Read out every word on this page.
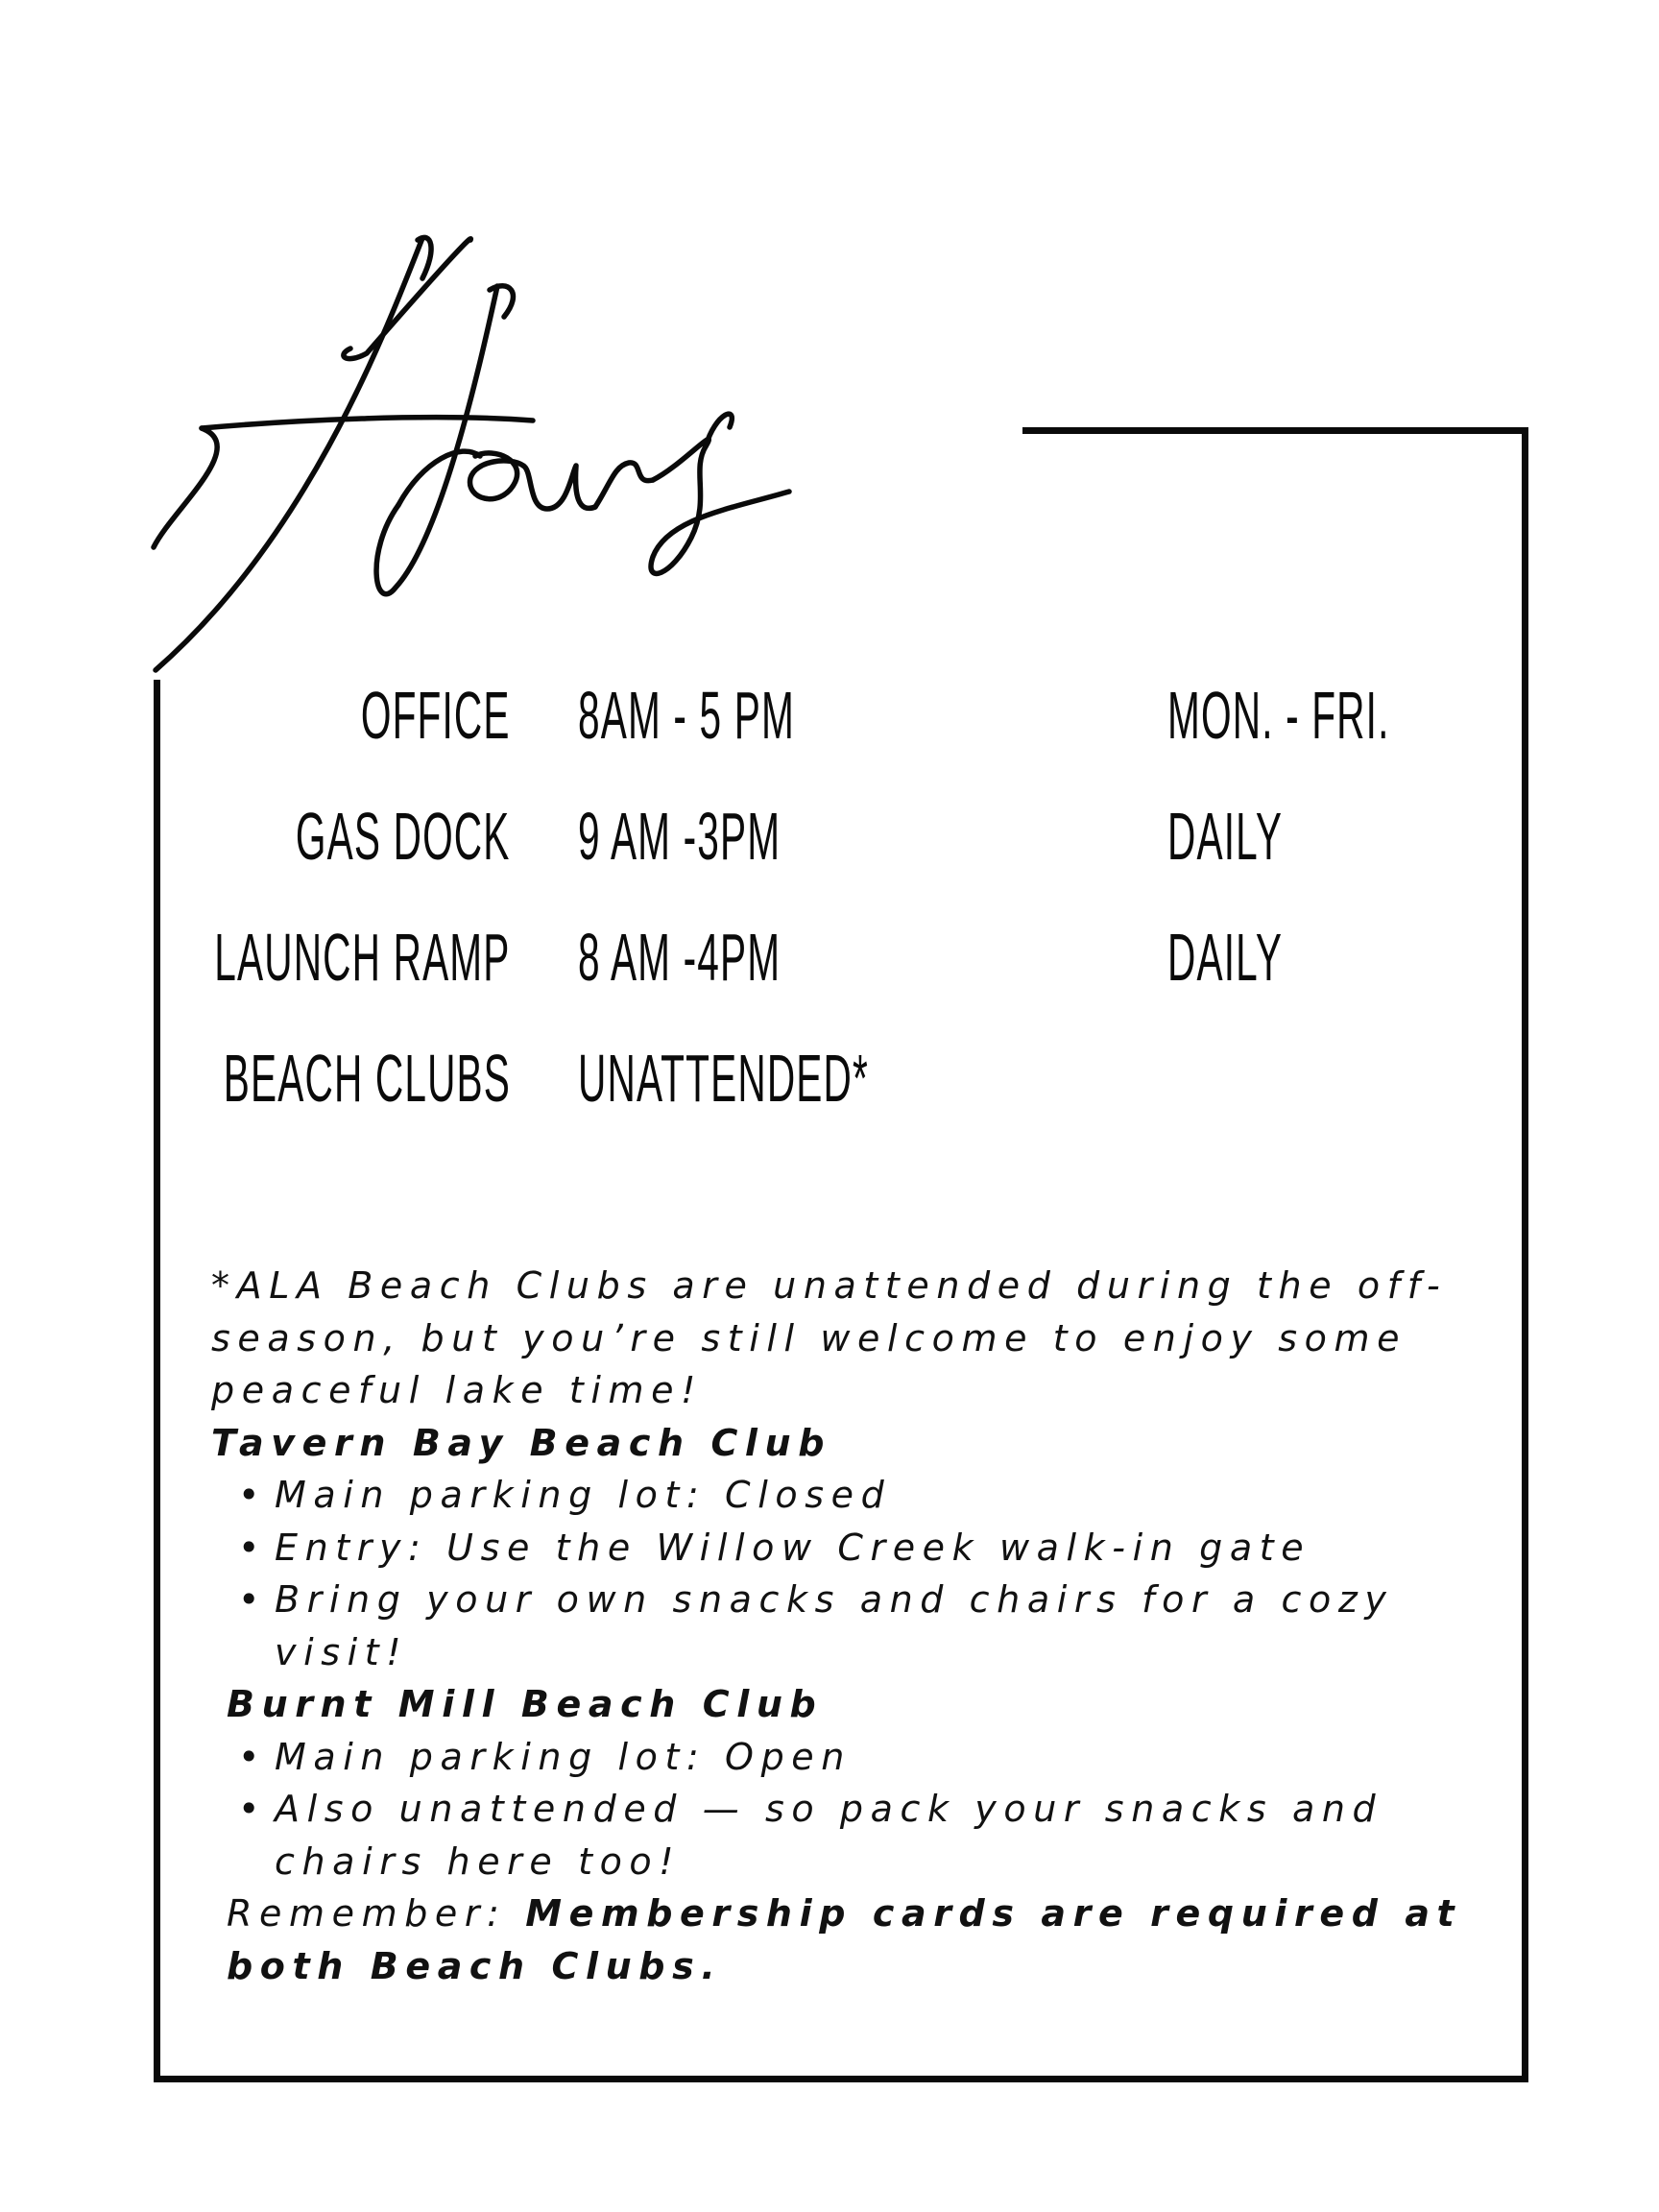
OFFICE 8AM - 5 PM	MON. - FRI.
GAS DOCK 9 AM -3PM	DAILY
LAUNCH RAMP 8 AM -4PM	DAILY
BEACH CLUBS UNATTENDED*

*ALA Beach Clubs are unattended during the off-season, but you’re still welcome to enjoy some peaceful lake time!

Tavern Bay Beach Club

• Main parking lot: Closed
• Entry: Use the Willow Creek walk-in gate
• Bring your own snacks and chairs for a cozy visit!

Burnt Mill Beach Club

• Main parking lot: Open
• Also unattended — so pack your snacks and chairs here too!

Remember: Membership cards are required at both Beach Clubs.
